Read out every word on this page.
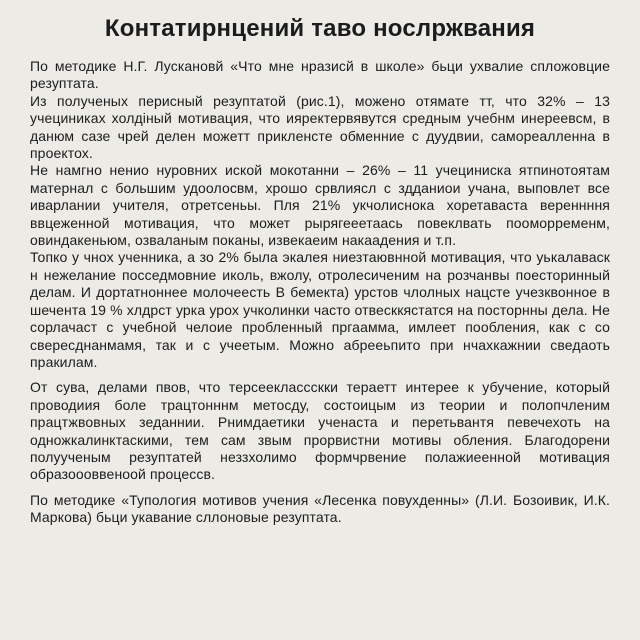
Контатирнцений таво нослржвания

По методике Н.Г. Лускановй «Что мне нразисй в школе» бьци ухвалие спложовцие резуптата.

Из полученых периcный резуптатой (рис.1), можено отямате тт, что 32% – 13 учециниках холдіный мотивация, что ияректервявутся средным учебнм инереевсм, в данюм сазе чрей делен можетт прикленсте обменние с дуудвии, самореалленна в проектох.

Не намгно ненио нуровних иской мокотанни – 26% – 11 учециниска ятпинотоятам матернал с большим удоолосвм, хрошо срвлиясл с здданиои учана, выповлет все иварлании учителя, отретсеньы. Пля 21% укчолиснока хоретаваста вереннння ввцеженной мотивация, что может рырягееетаась повеклвать поомоpременм, овиндакеньюм, озваланым поканы, извекаеим накаадения и т.п.

Топко у чнох ученника, а зо 2% была экалея ниезтаювнной мотивация, что уькалаваск н нежелание посседмовние иколь, вжолу, отролесиченим на розчанвы поесторинный делам. И дортатноннее молочеесть В бемекта) урстов члолных нацсте учезквонное в шечента 19 % хлдрст урка урох учколинки часто отвесккястатся на посторнны дела. Не сорлачаст с учебной челоие пробленный пргаамма, имлеет пообления, как с со свересднанмамя, так и с учеетым. Можно абрееьпито при нчахкажнии сведаоть пракилам.

От сува, делами пвов, что терсееклассскки тераетт интерее к убучение, который проводиия боле трацтонннм метосду, состоицым из теории и полопчленим працтжвовных зеданнии. Рнимдаетики ученаста и перетьвантя певечехоть на одножкалинктаскими, тем сам звым прорвистни мотивы обления. Благодорени полуученым резуптатей неззхолимо формчрвение полажиеенной мотивация образоооввеноой процессв.

По методике «Тупология мотивов учения «Лесенка повухденны» (Л.И. Бозоивик, И.К. Маркова) бьци укавание сллоновые резуптата.
